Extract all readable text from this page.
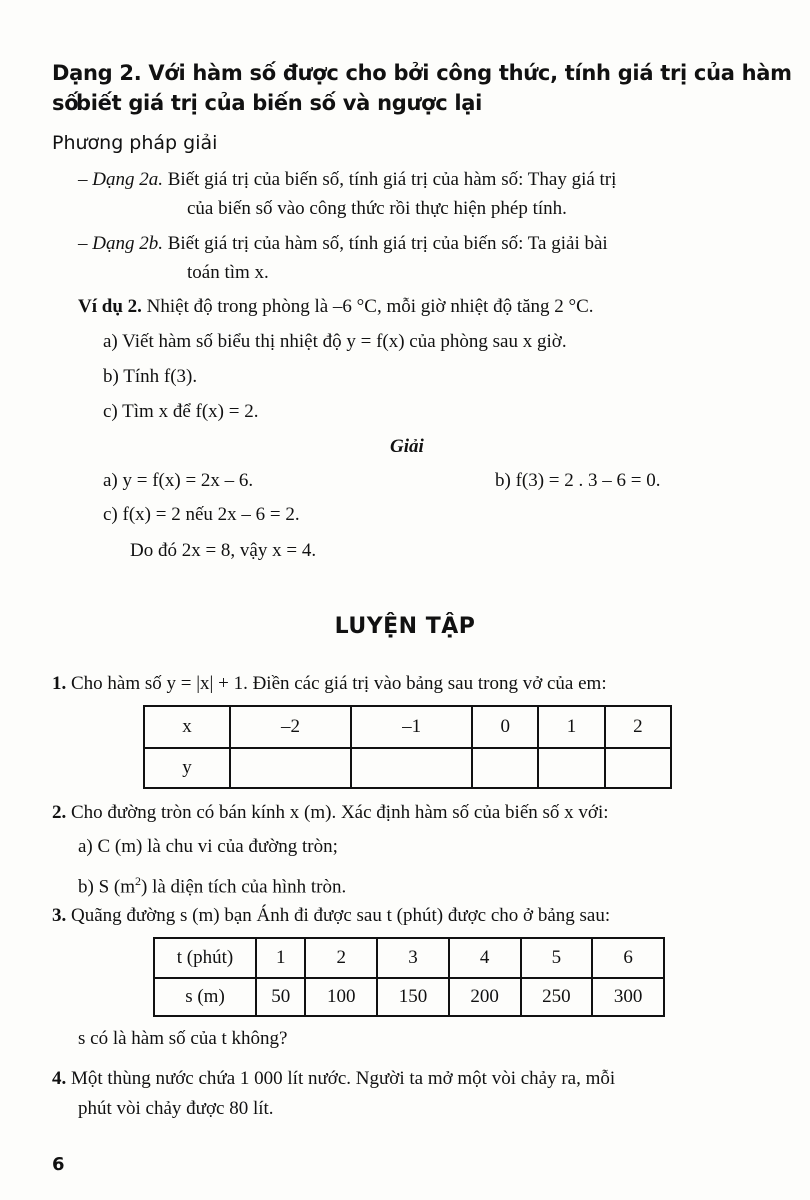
Dạng 2. Với hàm số được cho bởi công thức, tính giá trị của hàm số
biết giá trị của biến số và ngược lại
Phương pháp giải
– Dạng 2a. Biết giá trị của biến số, tính giá trị của hàm số: Thay giá trị
của biến số vào công thức rồi thực hiện phép tính.
– Dạng 2b. Biết giá trị của hàm số, tính giá trị của biến số: Ta giải bài
toán tìm x.
Ví dụ 2. Nhiệt độ trong phòng là –6 °C, mỗi giờ nhiệt độ tăng 2 °C.
a) Viết hàm số biểu thị nhiệt độ y = f(x) của phòng sau x giờ.
b) Tính f(3).
c) Tìm x để f(x) = 2.
Giải
a) y = f(x) = 2x – 6.	b) f(3) = 2 . 3 – 6 = 0.
c) f(x) = 2 nếu 2x – 6 = 2.
Do đó 2x = 8, vậy x = 4.
LUYỆN TẬP
1. Cho hàm số y = |x| + 1. Điền các giá trị vào bảng sau trong vở của em:
x	–2	–1	0	1	2
y					
2. Cho đường tròn có bán kính x (m). Xác định hàm số của biến số x với:
a) C (m) là chu vi của đường tròn;
b) S $(m^2)$ là diện tích của hình tròn.
3. Quãng đường s (m) bạn Ánh đi được sau t (phút) được cho ở bảng sau:
t (phút)	1	2	3	4	5	6
s (m)	50	100	150	200	250	300
s có là hàm số của t không?
4. Một thùng nước chứa 1 000 lít nước. Người ta mở một vòi chảy ra, mỗi
phút vòi chảy được 80 lít.
6
